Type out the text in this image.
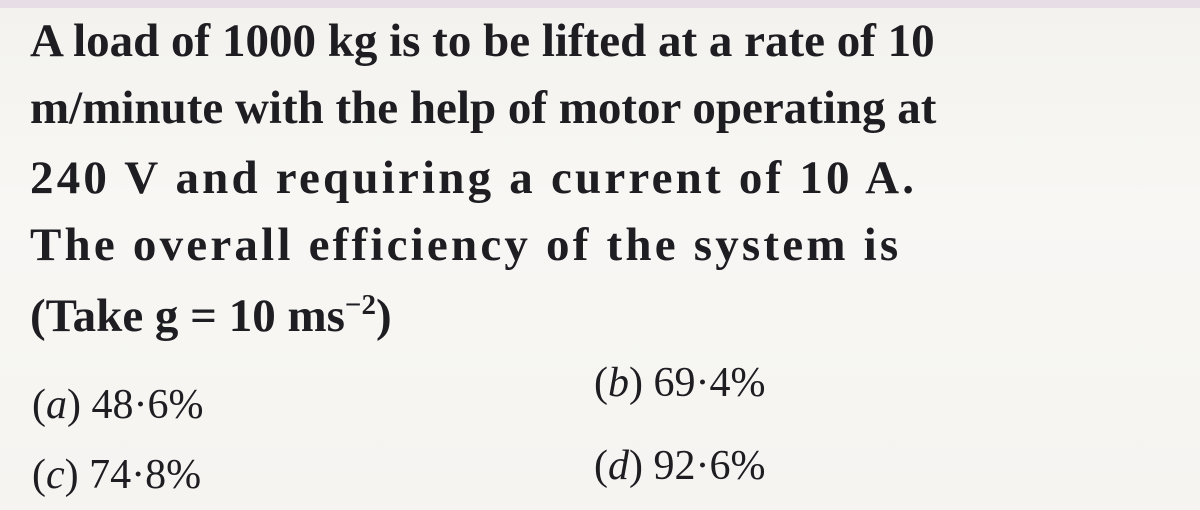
A load of 1000 kg is to be lifted at a rate of 10
m/minute with the help of motor operating at
240 V and requiring a current of 10 A.
The overall efficiency of the system is
(Take g = 10 ms$^{-2}$)
(a) 48·6%	(b) 69·4%
(c) 74·8%	(d) 92·6%
